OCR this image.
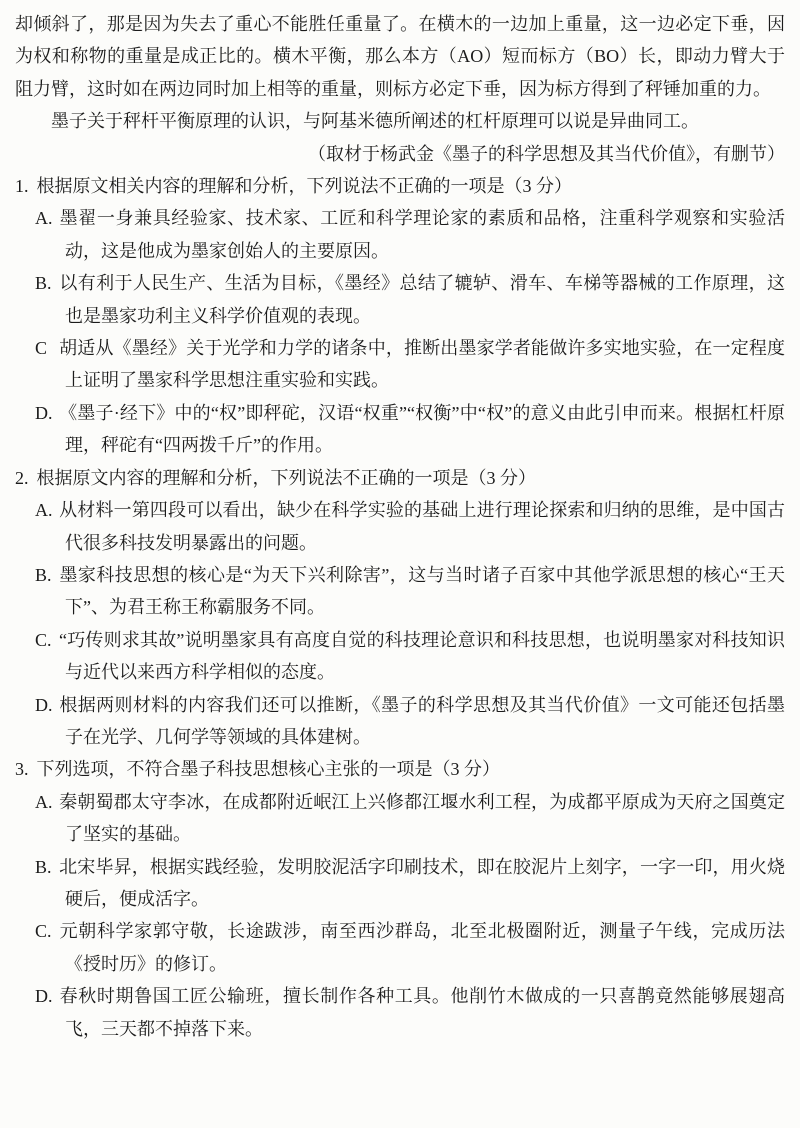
却倾斜了，那是因为失去了重心不能胜任重量了。在横木的一边加上重量，这一边必定下垂，因为权和称物的重量是成正比的。横木平衡，那么本方（AO）短而标方（BO）长，即动力臂大于阻力臂，这时如在两边同时加上相等的重量，则标方必定下垂，因为标方得到了秤锤加重的力。

墨子关于秤杆平衡原理的认识，与阿基米德所阐述的杠杆原理可以说是异曲同工。

（取材于杨武金《墨子的科学思想及其当代价值》，有删节）

1. 根据原文相关内容的理解和分析，下列说法不正确的一项是（3 分）

A. 墨翟一身兼具经验家、技术家、工匠和科学理论家的素质和品格，注重科学观察和实验活动，这是他成为墨家创始人的主要原因。
B. 以有利于人民生产、生活为目标，《墨经》总结了辘轳、滑车、车梯等器械的工作原理，这也是墨家功利主义科学价值观的表现。
C 胡适从《墨经》关于光学和力学的诸条中，推断出墨家学者能做许多实地实验，在一定程度上证明了墨家科学思想注重实验和实践。
D. 《墨子·经下》中的“权”即秤砣，汉语“权重”“权衡”中“权”的意义由此引申而来。根据杠杆原理，秤砣有“四两拨千斤”的作用。

2. 根据原文内容的理解和分析，下列说法不正确的一项是（3 分）

A. 从材料一第四段可以看出，缺少在科学实验的基础上进行理论探索和归纳的思维，是中国古代很多科技发明暴露出的问题。
B. 墨家科技思想的核心是“为天下兴利除害”，这与当时诸子百家中其他学派思想的核心“王天下”、为君王称王称霸服务不同。
C. “巧传则求其故”说明墨家具有高度自觉的科技理论意识和科技思想，也说明墨家对科技知识与近代以来西方科学相似的态度。
D. 根据两则材料的内容我们还可以推断，《墨子的科学思想及其当代价值》一文可能还包括墨子在光学、几何学等领域的具体建树。

3. 下列选项，不符合墨子科技思想核心主张的一项是（3 分）

A. 秦朝蜀郡太守李冰，在成都附近岷江上兴修都江堰水利工程，为成都平原成为天府之国奠定了坚实的基础。
B. 北宋毕昇，根据实践经验，发明胶泥活字印刷技术，即在胶泥片上刻字，一字一印，用火烧硬后，便成活字。
C. 元朝科学家郭守敬，长途跋涉，南至西沙群岛，北至北极圈附近，测量子午线，完成历法《授时历》的修订。
D. 春秋时期鲁国工匠公输班，擅长制作各种工具。他削竹木做成的一只喜鹊竟然能够展翅高飞，三天都不掉落下来。
